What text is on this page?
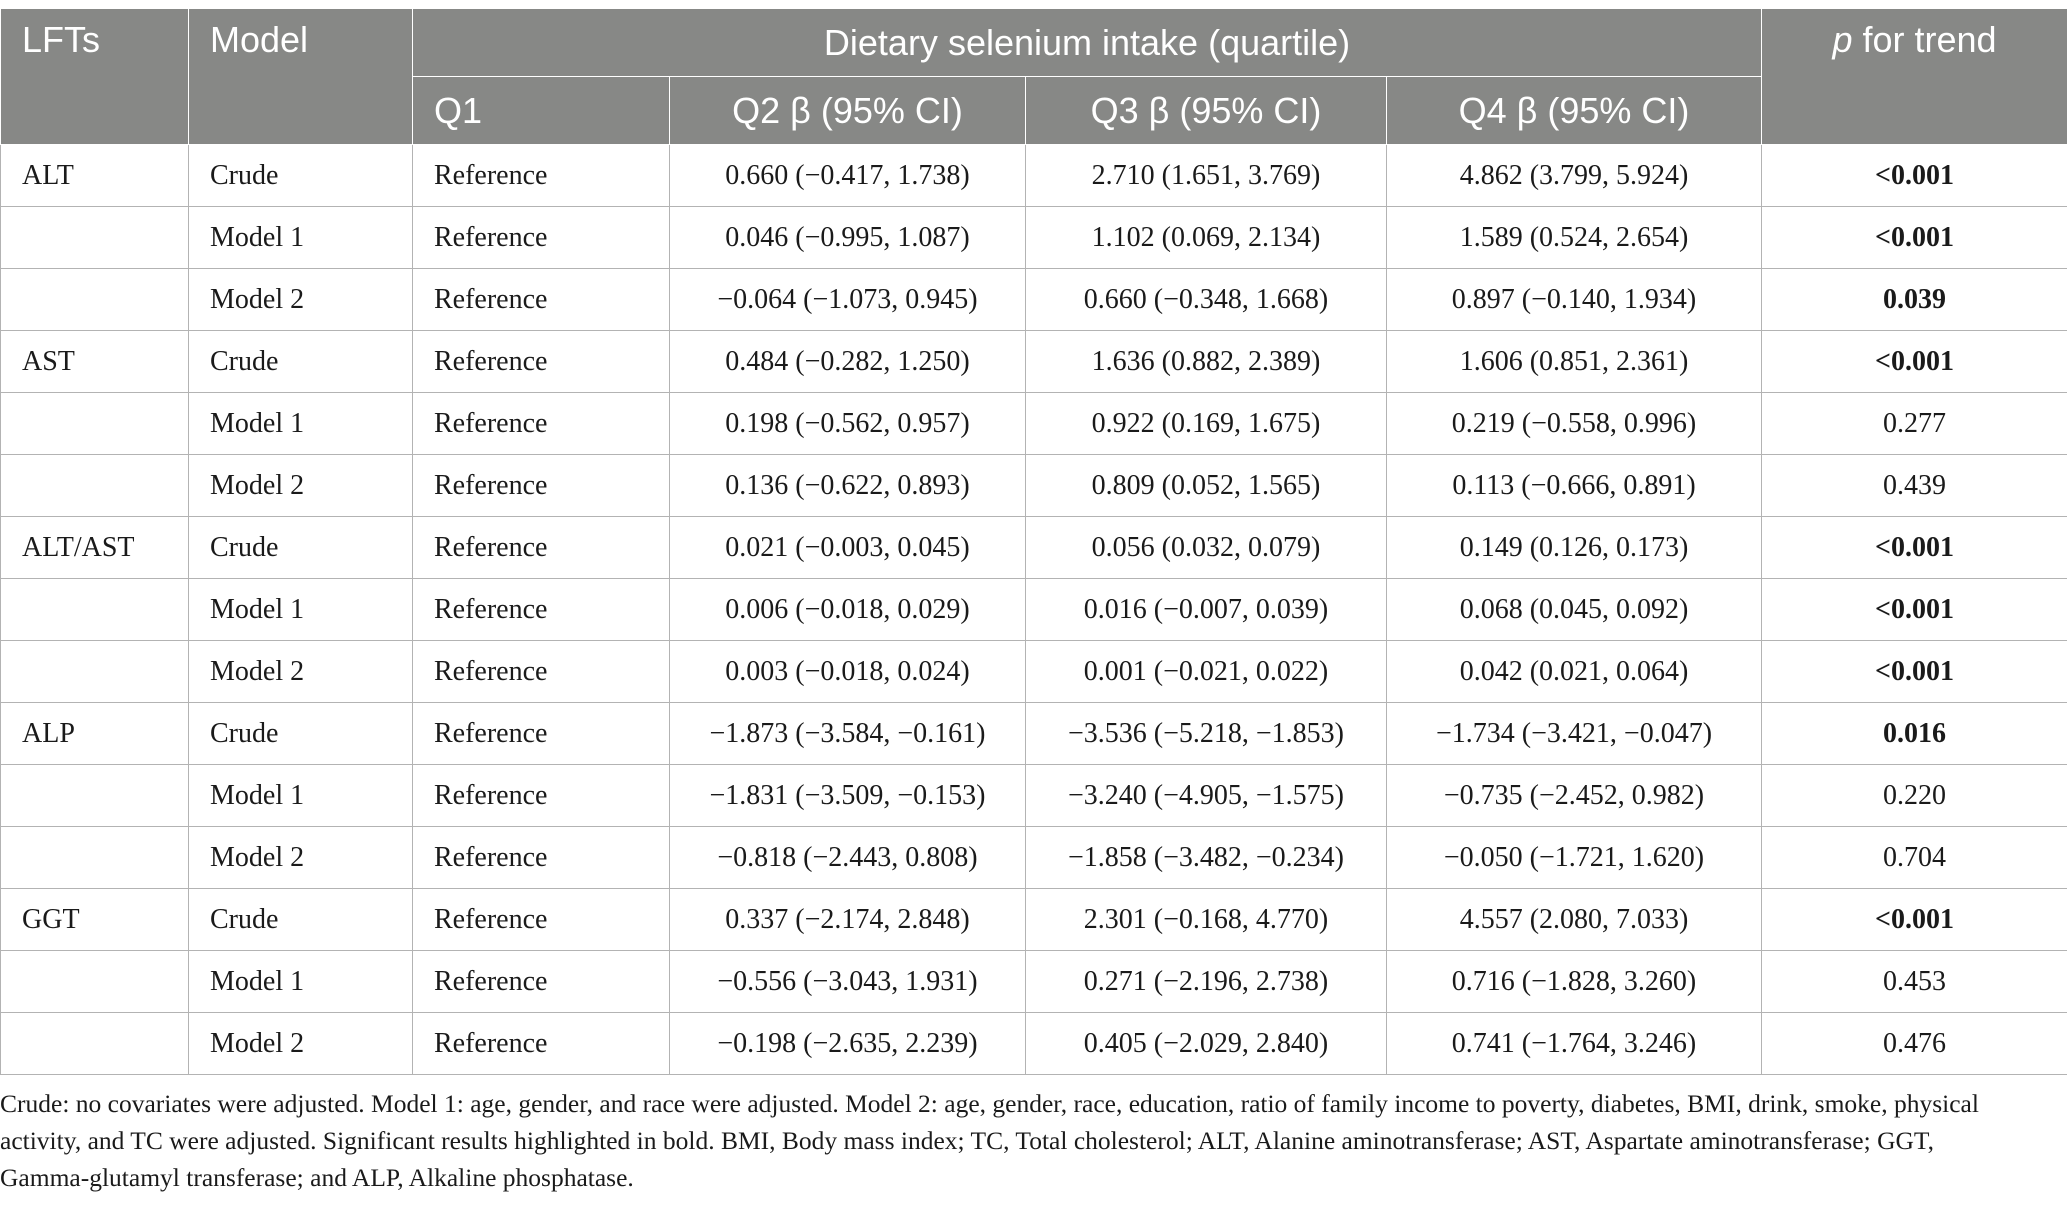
LFTs	Model	Dietary selenium intake (quartile)				p for trend
		Q1	Q2 β (95% CI)	Q3 β (95% CI)	Q4 β (95% CI)	
ALT	Crude	Reference	0.660 (−0.417, 1.738)	2.710 (1.651, 3.769)	4.862 (3.799, 5.924)	<0.001
	Model 1	Reference	0.046 (−0.995, 1.087)	1.102 (0.069, 2.134)	1.589 (0.524, 2.654)	<0.001
	Model 2	Reference	−0.064 (−1.073, 0.945)	0.660 (−0.348, 1.668)	0.897 (−0.140, 1.934)	0.039
AST	Crude	Reference	0.484 (−0.282, 1.250)	1.636 (0.882, 2.389)	1.606 (0.851, 2.361)	<0.001
	Model 1	Reference	0.198 (−0.562, 0.957)	0.922 (0.169, 1.675)	0.219 (−0.558, 0.996)	0.277
	Model 2	Reference	0.136 (−0.622, 0.893)	0.809 (0.052, 1.565)	0.113 (−0.666, 0.891)	0.439
ALT/AST	Crude	Reference	0.021 (−0.003, 0.045)	0.056 (0.032, 0.079)	0.149 (0.126, 0.173)	<0.001
	Model 1	Reference	0.006 (−0.018, 0.029)	0.016 (−0.007, 0.039)	0.068 (0.045, 0.092)	<0.001
	Model 2	Reference	0.003 (−0.018, 0.024)	0.001 (−0.021, 0.022)	0.042 (0.021, 0.064)	<0.001
ALP	Crude	Reference	−1.873 (−3.584, −0.161)	−3.536 (−5.218, −1.853)	−1.734 (−3.421, −0.047)	0.016
	Model 1	Reference	−1.831 (−3.509, −0.153)	−3.240 (−4.905, −1.575)	−0.735 (−2.452, 0.982)	0.220
	Model 2	Reference	−0.818 (−2.443, 0.808)	−1.858 (−3.482, −0.234)	−0.050 (−1.721, 1.620)	0.704
GGT	Crude	Reference	0.337 (−2.174, 2.848)	2.301 (−0.168, 4.770)	4.557 (2.080, 7.033)	<0.001
	Model 1	Reference	−0.556 (−3.043, 1.931)	0.271 (−2.196, 2.738)	0.716 (−1.828, 3.260)	0.453
	Model 2	Reference	−0.198 (−2.635, 2.239)	0.405 (−2.029, 2.840)	0.741 (−1.764, 3.246)	0.476
Crude: no covariates were adjusted. Model 1: age, gender, and race were adjusted. Model 2: age, gender, race, education, ratio of family income to poverty, diabetes, BMI, drink, smoke, physical
activity, and TC were adjusted. Significant results highlighted in bold. BMI, Body mass index; TC, Total cholesterol; ALT, Alanine aminotransferase; AST, Aspartate aminotransferase; GGT,
Gamma-glutamyl transferase; and ALP, Alkaline phosphatase.
